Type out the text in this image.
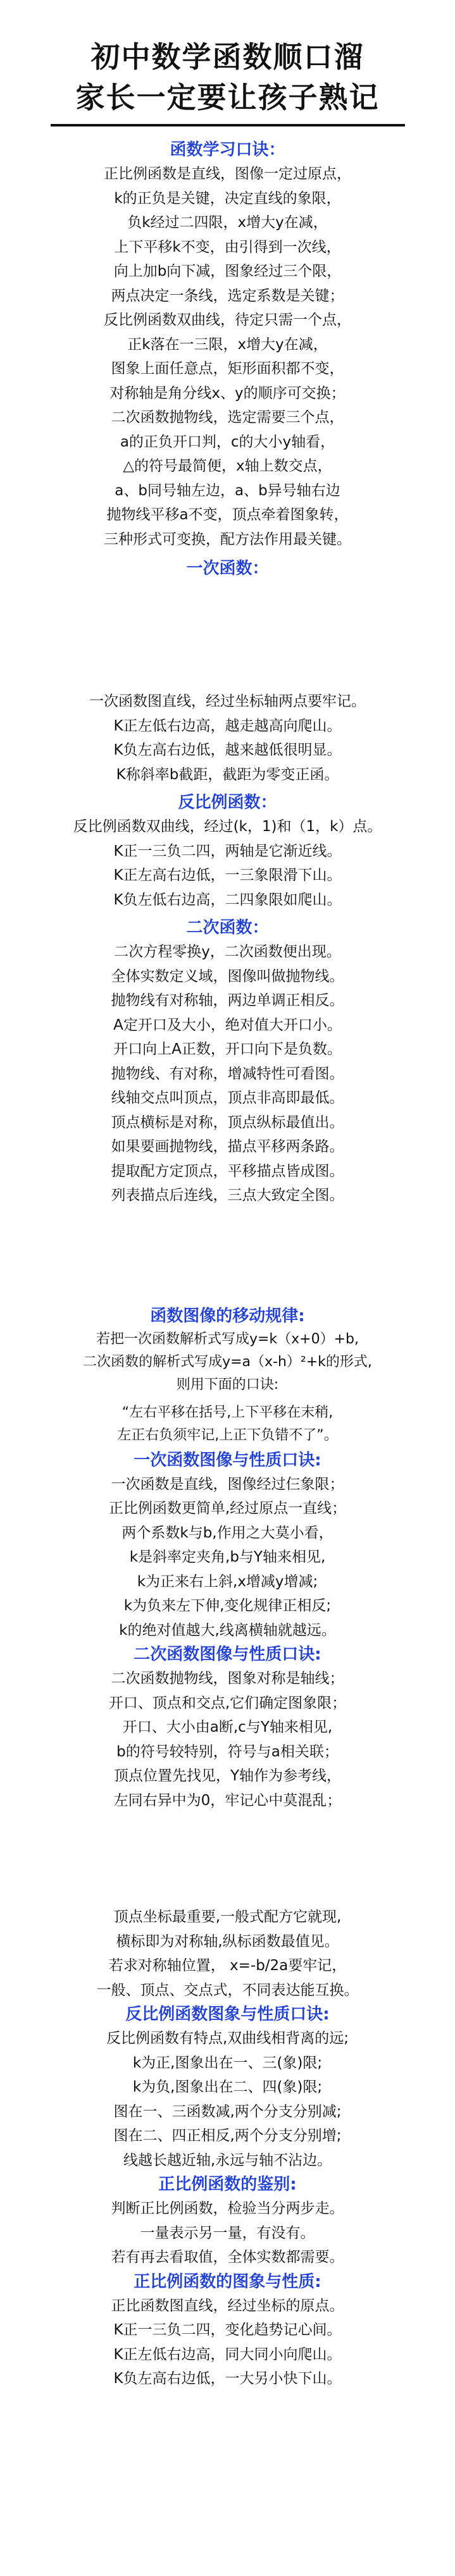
初中数学函数顺口溜
家长一定要让孩子熟记
函数学习口诀：
正比例函数是直线，图像一定过原点，
k的正负是关键，决定直线的象限，
负k经过二四限，x增大y在减，
上下平移k不变，由引得到一次线，
向上加b向下减，图象经过三个限，
两点决定一条线，选定系数是关键；
反比例函数双曲线，待定只需一个点，
正k落在一三限，x增大y在减，
图象上面任意点，矩形面积都不变，
对称轴是角分线x、y的顺序可交换；
二次函数抛物线，选定需要三个点，
a的正负开口判，c的大小y轴看，
△的符号最简便，x轴上数交点，
a、b同号轴左边，a、b异号轴右边
抛物线平移a不变，顶点牵着图象转，
三种形式可变换，配方法作用最关键。
一次函数：
一次函数图直线，经过坐标轴两点要牢记。
K正左低右边高，越走越高向爬山。
K负左高右边低，越来越低很明显。
K称斜率b截距，截距为零变正函。
反比例函数：
反比例函数双曲线，经过(k，1)和（1，k）点。
K正一三负二四，两轴是它渐近线。
K正左高右边低，一三象限滑下山。
K负左低右边高，二四象限如爬山。
二次函数：
二次方程零换y，二次函数便出现。
全体实数定义域，图像叫做抛物线。
抛物线有对称轴，两边单调正相反。
A定开口及大小，绝对值大开口小。
开口向上A正数，开口向下是负数。
抛物线、有对称，增减特性可看图。
线轴交点叫顶点，顶点非高即最低。
顶点横标是对称，顶点纵标最值出。
如果要画抛物线，描点平移两条路。
提取配方定顶点，平移描点皆成图。
列表描点后连线，三点大致定全图。
函数图像的移动规律:
若把一次函数解析式写成y=k（x+0）+b,
二次函数的解析式写成y=a（x-h）²+k的形式,
则用下面的口诀:
“左右平移在括号,上下平移在末稍,
左正右负须牢记,上正下负错不了”。
一次函数图像与性质口诀:
一次函数是直线，图像经过仨象限；
正比例函数更简单,经过原点一直线；
两个系数k与b,作用之大莫小看，
k是斜率定夹角,b与Y轴来相见,
k为正来右上斜,x增减y增减;
k为负来左下伸,变化规律正相反;
k的绝对值越大,线离横轴就越远。
二次函数图像与性质口诀:
二次函数抛物线，图象对称是轴线；
开口、顶点和交点,它们确定图象限；
开口、大小由a断,c与Y轴来相见,
b的符号较特别，符号与a相关联；
顶点位置先找见，Y轴作为参考线，
左同右异中为0，牢记心中莫混乱；
顶点坐标最重要,一般式配方它就现,
横标即为对称轴,纵标函数最值见。
若求对称轴位置， x=-b/2a要牢记，
一般、顶点、交点式，不同表达能互换。
反比例函数图象与性质口诀:
反比例函数有特点,双曲线相背离的远;
k为正,图象出在一、三(象)限;
k为负,图象出在二、四(象)限;
图在一、三函数减,两个分支分别减;
图在二、四正相反,两个分支分别增;
线越长越近轴,永远与轴不沾边。
正比例函数的鉴别:
判断正比例函数，检验当分两步走。
一量表示另一量，有没有。
若有再去看取值，全体实数都需要。
正比例函数的图象与性质:
正比函数图直线，经过坐标的原点。
K正一三负二四，变化趋势记心间。
K正左低右边高，同大同小向爬山。
K负左高右边低，一大另小快下山。
